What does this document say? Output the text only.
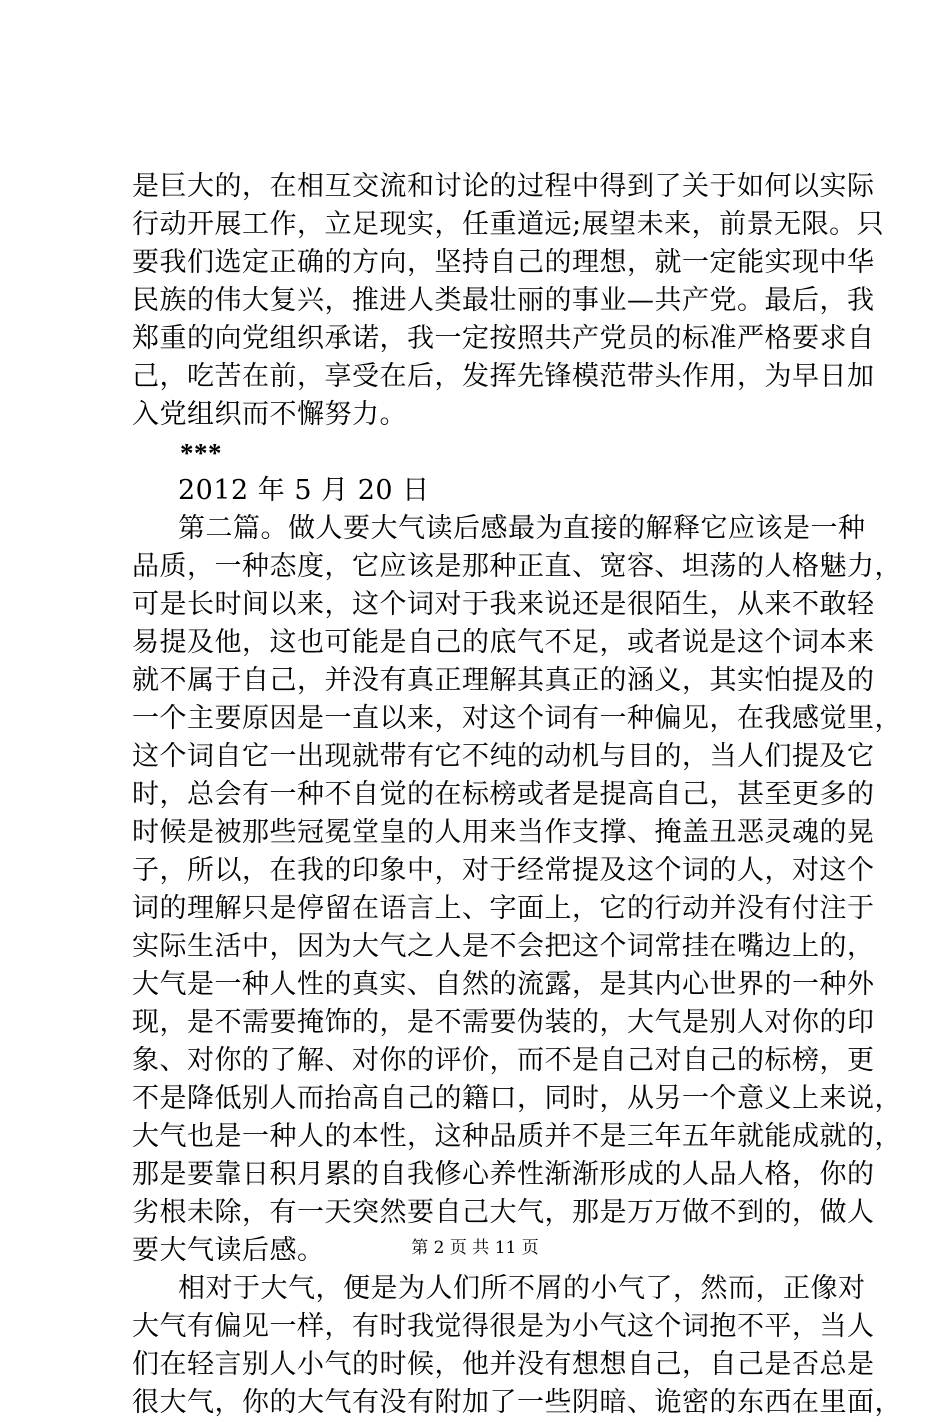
是巨大的，在相互交流和讨论的过程中得到了关于如何以实际
行动开展工作，立足现实，任重道远;展望未来，前景无限。只
要我们选定正确的方向，坚持自己的理想，就一定能实现中华
民族的伟大复兴，推进人类最壮丽的事业—共产党。最后，我
郑重的向党组织承诺，我一定按照共产党员的标准严格要求自
己，吃苦在前，享受在后，发挥先锋模范带头作用，为早日加
入党组织而不懈努力。
***
2012 年 5 月 20 日
第二篇。做人要大气读后感最为直接的解释它应该是一种
品质，一种态度，它应该是那种正直、宽容、坦荡的人格魅力，
可是长时间以来，这个词对于我来说还是很陌生，从来不敢轻
易提及他，这也可能是自己的底气不足，或者说是这个词本来
就不属于自己，并没有真正理解其真正的涵义，其实怕提及的
一个主要原因是一直以来，对这个词有一种偏见，在我感觉里，
这个词自它一出现就带有它不纯的动机与目的，当人们提及它
时，总会有一种不自觉的在标榜或者是提高自己，甚至更多的
时候是被那些冠冕堂皇的人用来当作支撑、掩盖丑恶灵魂的晃
子，所以，在我的印象中，对于经常提及这个词的人，对这个
词的理解只是停留在语言上、字面上，它的行动并没有付注于
实际生活中，因为大气之人是不会把这个词常挂在嘴边上的，
大气是一种人性的真实、自然的流露，是其内心世界的一种外
现，是不需要掩饰的，是不需要伪装的，大气是别人对你的印
象、对你的了解、对你的评价，而不是自己对自己的标榜，更
不是降低别人而抬高自己的籍口，同时，从另一个意义上来说，
大气也是一种人的本性，这种品质并不是三年五年就能成就的，
那是要靠日积月累的自我修心养性渐渐形成的人品人格，你的
劣根未除，有一天突然要自己大气，那是万万做不到的，做人
要大气读后感。
相对于大气，便是为人们所不屑的小气了，然而，正像对
大气有偏见一样，有时我觉得很是为小气这个词抱不平，当人
们在轻言别人小气的时候，他并没有想想自己，自己是否总是
很大气，你的大气有没有附加了一些阴暗、诡密的东西在里面，
第 2 页 共 11 页
